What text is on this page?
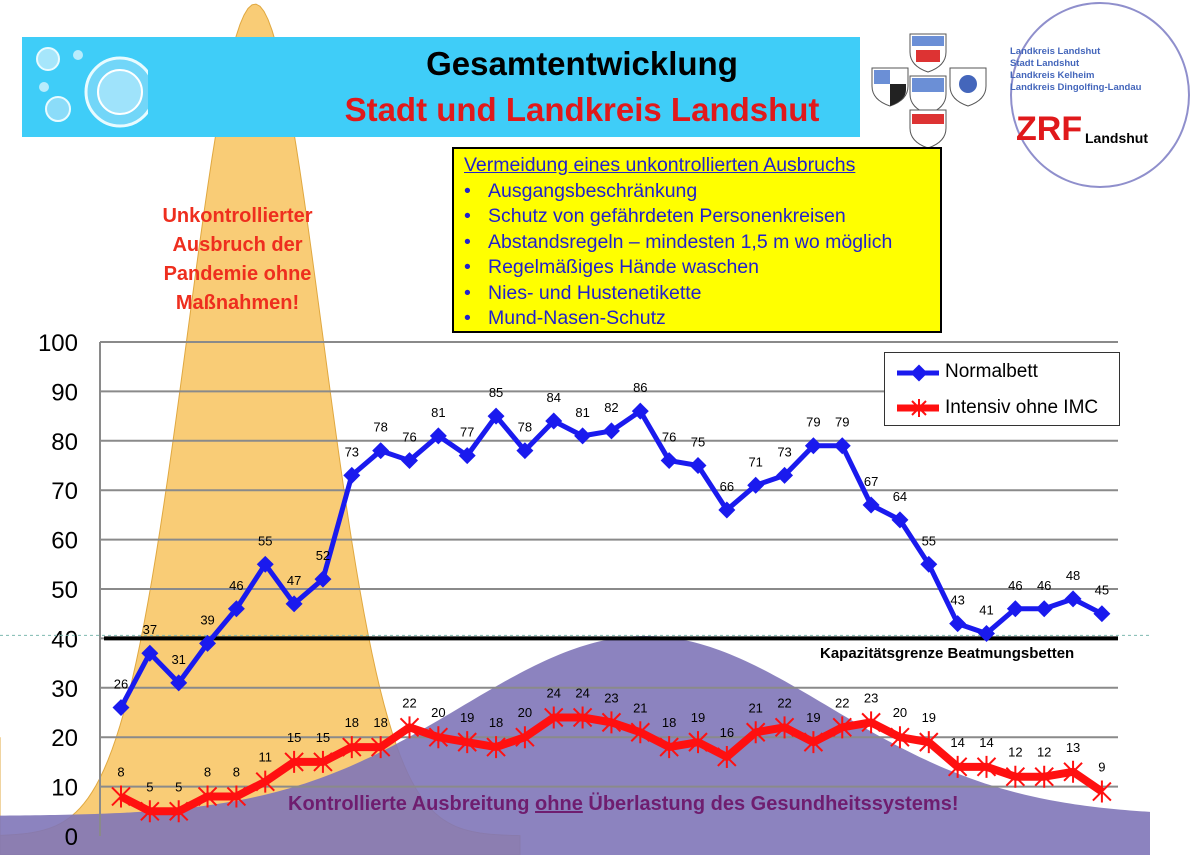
0
10
20
30
40
50
60
70
80
90
100
8
5 5
8 8
11
15 15
18 18
22
20 19 18
20
24 24 23
21
18 19
16
21 22
19
22 23
20 19
14 14
12 12 13
9
26
37
31
39
46
55
47
52
73
78
76
81
77
85
78
84
81 82
86
76 75
66
71
73
79 79
67
64
55
43
41
46 46
48
45
Gesamtentwicklung
Stadt und Landkreis Landshut
Landkreis Landshut
Stadt Landshut
Landkreis Kelheim
Landkreis Dingolfing-Landau
ZRF Landshut
Vermeidung eines unkontrollierten Ausbruchs
• Ausgangsbeschränkung
• Schutz von gefährdeten Personenkreisen
• Abstandsregeln – mindesten 1,5 m wo möglich
• Regelmäßiges Hände waschen
• Nies- und Hustenetikette
• Mund-Nasen-Schutz
Unkontrollierter
Ausbruch der
Pandemie ohne
Maßnahmen!
Normalbett
Intensiv ohne IMC
Kapazitätsgrenze Beatmungsbetten
Kontrollierte Ausbreitung ohne Überlastung des Gesundheitssystems!
